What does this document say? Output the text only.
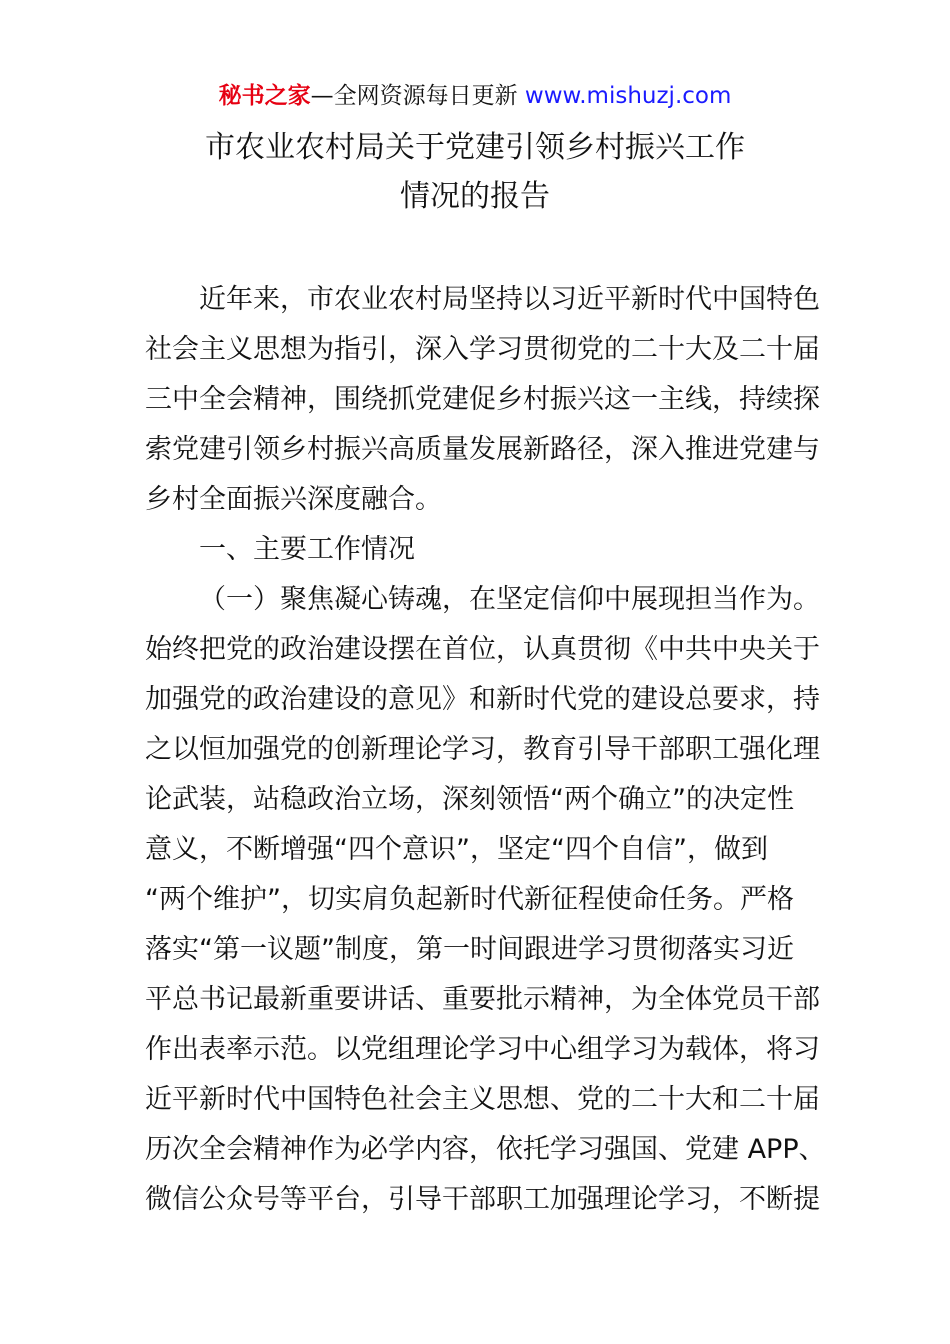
秘书之家—全网资源每日更新 www.mishuzj.com
市农业农村局关于党建引领乡村振兴工作
情况的报告
近年来，市农业农村局坚持以习近平新时代中国特色
社会主义思想为指引，深入学习贯彻党的二十大及二十届
三中全会精神，围绕抓党建促乡村振兴这一主线，持续探
索党建引领乡村振兴高质量发展新路径，深入推进党建与
乡村全面振兴深度融合。
一、主要工作情况
（一）聚焦凝心铸魂，在坚定信仰中展现担当作为。
始终把党的政治建设摆在首位，认真贯彻《中共中央关于
加强党的政治建设的意见》和新时代党的建设总要求，持
之以恒加强党的创新理论学习，教育引导干部职工强化理
论武装，站稳政治立场，深刻领悟“两个确立”的决定性
意义，不断增强“四个意识”，坚定“四个自信”，做到
“两个维护”，切实肩负起新时代新征程使命任务。严格
落实“第一议题”制度，第一时间跟进学习贯彻落实习近
平总书记最新重要讲话、重要批示精神，为全体党员干部
作出表率示范。以党组理论学习中心组学习为载体，将习
近平新时代中国特色社会主义思想、党的二十大和二十届
历次全会精神作为必学内容，依托学习强国、党建 APP、
微信公众号等平台，引导干部职工加强理论学习，不断提
